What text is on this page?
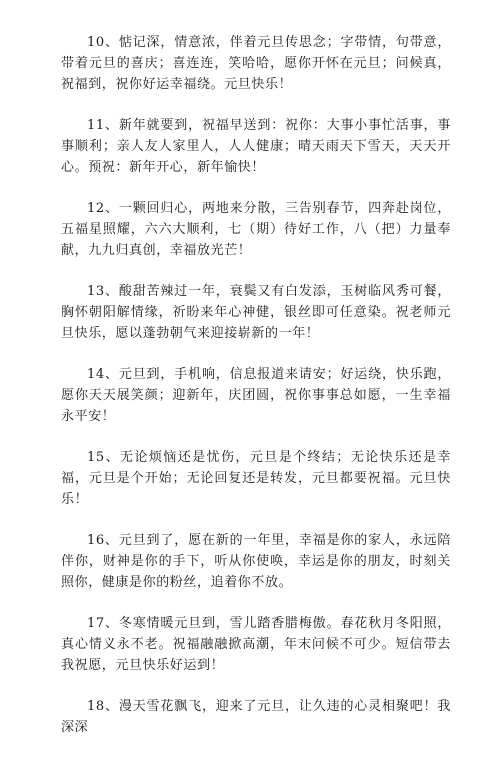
10、惦记深，情意浓，伴着元旦传思念；字带情，句带意，带着元旦的喜庆；喜连连，笑哈哈，愿你开怀在元旦；问候真，祝福到，祝你好运幸福绕。元旦快乐！

11、新年就要到，祝福早送到：祝你：大事小事忙活事，事事顺利；亲人友人家里人，人人健康；晴天雨天下雪天，天天开心。预祝：新年开心，新年愉快！

12、一颗回归心，两地来分散，三告别春节，四奔赴岗位，五福星照耀，六六大顺利，七（期）待好工作，八（把）力量奉献，九九归真创，幸福放光芒！

13、酸甜苦辣过一年，衰鬓又有白发添，玉树临风秀可餐，胸怀朝阳解情缘，祈盼来年心神健，银丝即可任意染。祝老师元旦快乐，愿以蓬勃朝气来迎接崭新的一年！

14、元旦到，手机响，信息报道来请安；好运绕，快乐跑，愿你天天展笑颜；迎新年，庆团圆，祝你事事总如愿，一生幸福永平安！

15、无论烦恼还是忧伤，元旦是个终结；无论快乐还是幸福，元旦是个开始；无论回复还是转发，元旦都要祝福。元旦快乐！

16、元旦到了，愿在新的一年里，幸福是你的家人，永远陪伴你，财神是你的手下，听从你使唤，幸运是你的朋友，时刻关照你，健康是你的粉丝，追着你不放。

17、冬寒情暖元旦到，雪儿踏香腊梅傲。春花秋月冬阳照，真心情义永不老。祝福融融掀高潮，年末问候不可少。短信带去我祝愿，元旦快乐好运到！

18、漫天雪花飘飞，迎来了元旦，让久违的心灵相聚吧！我深深
